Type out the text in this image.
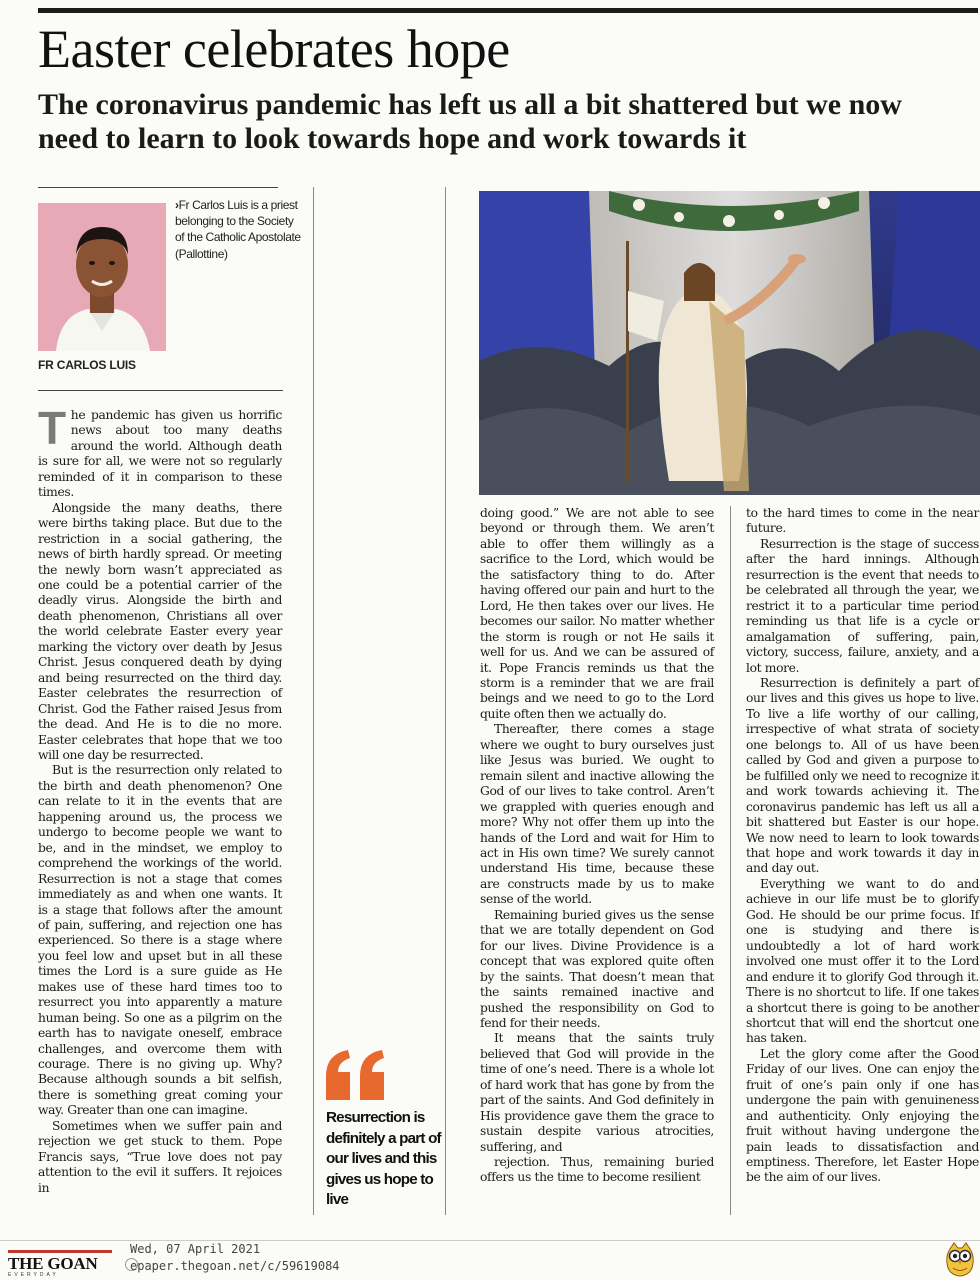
Easter celebrates hope
The coronavirus pandemic has left us all a bit shattered but we now need to learn to look towards hope and work towards it
›Fr Carlos Luis is a priest belonging to the Society of the Catholic Apostolate (Pallottine)
FR CARLOS LUIS

The pandemic has given us horrific news about too many deaths around the world. Although death is sure for all, we were not so regularly reminded of it in comparison to these times.

Alongside the many deaths, there were births taking place. But due to the restriction in a social gathering, the news of birth hardly spread. Or meeting the newly born wasn’t appreciated as one could be a potential carrier of the deadly virus. Alongside the birth and death phenomenon, Christians all over the world celebrate Easter every year marking the victory over death by Jesus Christ. Jesus conquered death by dying and being resurrected on the third day. Easter celebrates the resurrection of Christ. God the Father raised Jesus from the dead. And He is to die no more. Easter celebrates that hope that we too will one day be resurrected.

But is the resurrection only related to the birth and death phenomenon? One can relate to it in the events that are happening around us, the process we undergo to become people we want to be, and in the mindset, we employ to comprehend the workings of the world. Resurrection is not a stage that comes immediately as and when one wants. It is a stage that follows after the amount of pain, suffering, and rejection one has experienced. So there is a stage where you feel low and upset but in all these times the Lord is a sure guide as He makes use of these hard times too to resurrect you into apparently a mature human being. So one as a pilgrim on the earth has to navigate oneself, embrace challenges, and overcome them with courage. There is no giving up. Why? Because although sounds a bit selfish, there is something great coming your way. Greater than one can imagine.

Sometimes when we suffer pain and rejection we get stuck to them. Pope Francis says, “True love does not pay attention to the evil it suffers. It rejoices in

doing good.” We are not able to see beyond or through them. We aren’t able to offer them willingly as a sacrifice to the Lord, which would be the satisfactory thing to do. After having offered our pain and hurt to the Lord, He then takes over our lives. He becomes our sailor. No matter whether the storm is rough or not He sails it well for us. And we can be assured of it. Pope Francis reminds us that the storm is a reminder that we are frail beings and we need to go to the Lord quite often then we actually do.

Thereafter, there comes a stage where we ought to bury ourselves just like Jesus was buried. We ought to remain silent and inactive allowing the God of our lives to take control. Aren’t we grappled with queries enough and more? Why not offer them up into the hands of the Lord and wait for Him to act in His own time? We surely cannot understand His time, because these are constructs made by us to make sense of the world.

Remaining buried gives us the sense that we are totally dependent on God for our lives. Divine Providence is a concept that was explored quite often by the saints. That doesn’t mean that the saints remained inactive and pushed the responsibility on God to fend for their needs.

It means that the saints truly believed that God will provide in the time of one’s need. There is a whole lot of hard work that has gone by from the part of the saints. And God definitely in His providence gave them the grace to sustain despite various atrocities, suffering, and

rejection. Thus, remaining buried offers us the time to become resilient

to the hard times to come in the near future.

Resurrection is the stage of success after the hard innings. Although resurrection is the event that needs to be celebrated all through the year, we restrict it to a particular time period reminding us that life is a cycle or amalgamation of suffering, pain, victory, success, failure, anxiety, and a lot more.

Resurrection is definitely a part of our lives and this gives us hope to live. To live a life worthy of our calling, irrespective of what strata of society one belongs to. All of us have been called by God and given a purpose to be fulfilled only we need to recognize it and work towards achieving it. The coronavirus pandemic has left us all a bit shattered but Easter is our hope. We now need to learn to look towards that hope and work towards it day in and day out.

Everything we want to do and achieve in our life must be to glorify God. He should be our prime focus. If one is studying and there is undoubtedly a lot of hard work involved one must offer it to the Lord and endure it to glorify God through it. There is no shortcut to life. If one takes a shortcut there is going to be another shortcut that will end the shortcut one has taken.

Let the glory come after the Good Friday of our lives. One can enjoy the fruit of one’s pain only if one has undergone the pain with genuineness and authenticity. Only enjoying the fruit without having undergone the pain leads to dissatisfaction and emptiness. Therefore, let Easter Hope be the aim of our lives.

Resurrection is definitely a part of our lives and this gives us hope to live
THE GOAN
EVERYDAY
Wed, 07 April 2021
epaper.thegoan.net/c/59619084
